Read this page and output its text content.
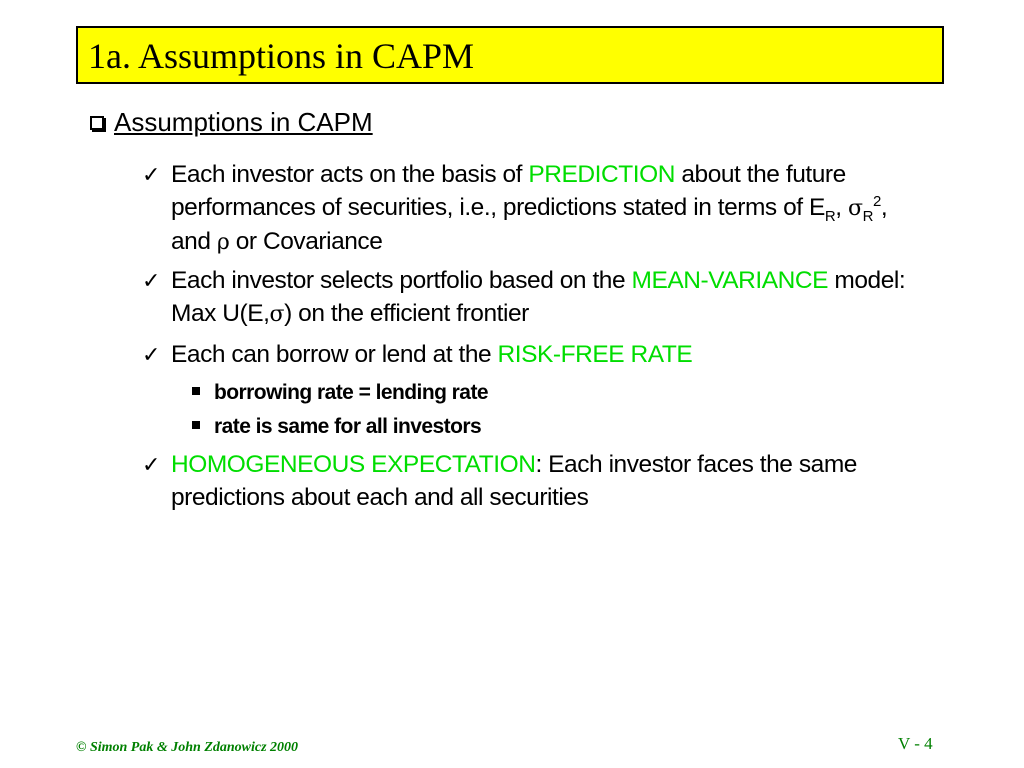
1a. Assumptions in CAPM
Assumptions in CAPM
✓ Each investor acts on the basis of PREDICTION about the future performances of securities, i.e., predictions stated in terms of $E_R$, $\sigma_R^2$, and ρ or Covariance
✓ Each investor selects portfolio based on the MEAN-VARIANCE model: Max U(E,σ) on the efficient frontier
✓ Each can borrow or lend at the RISK-FREE RATE
borrowing rate = lending rate
rate is same for all investors
✓ HOMOGENEOUS EXPECTATION: Each investor faces the same predictions about each and all securities
© Simon Pak & John Zdanowicz 2000	V - 4
